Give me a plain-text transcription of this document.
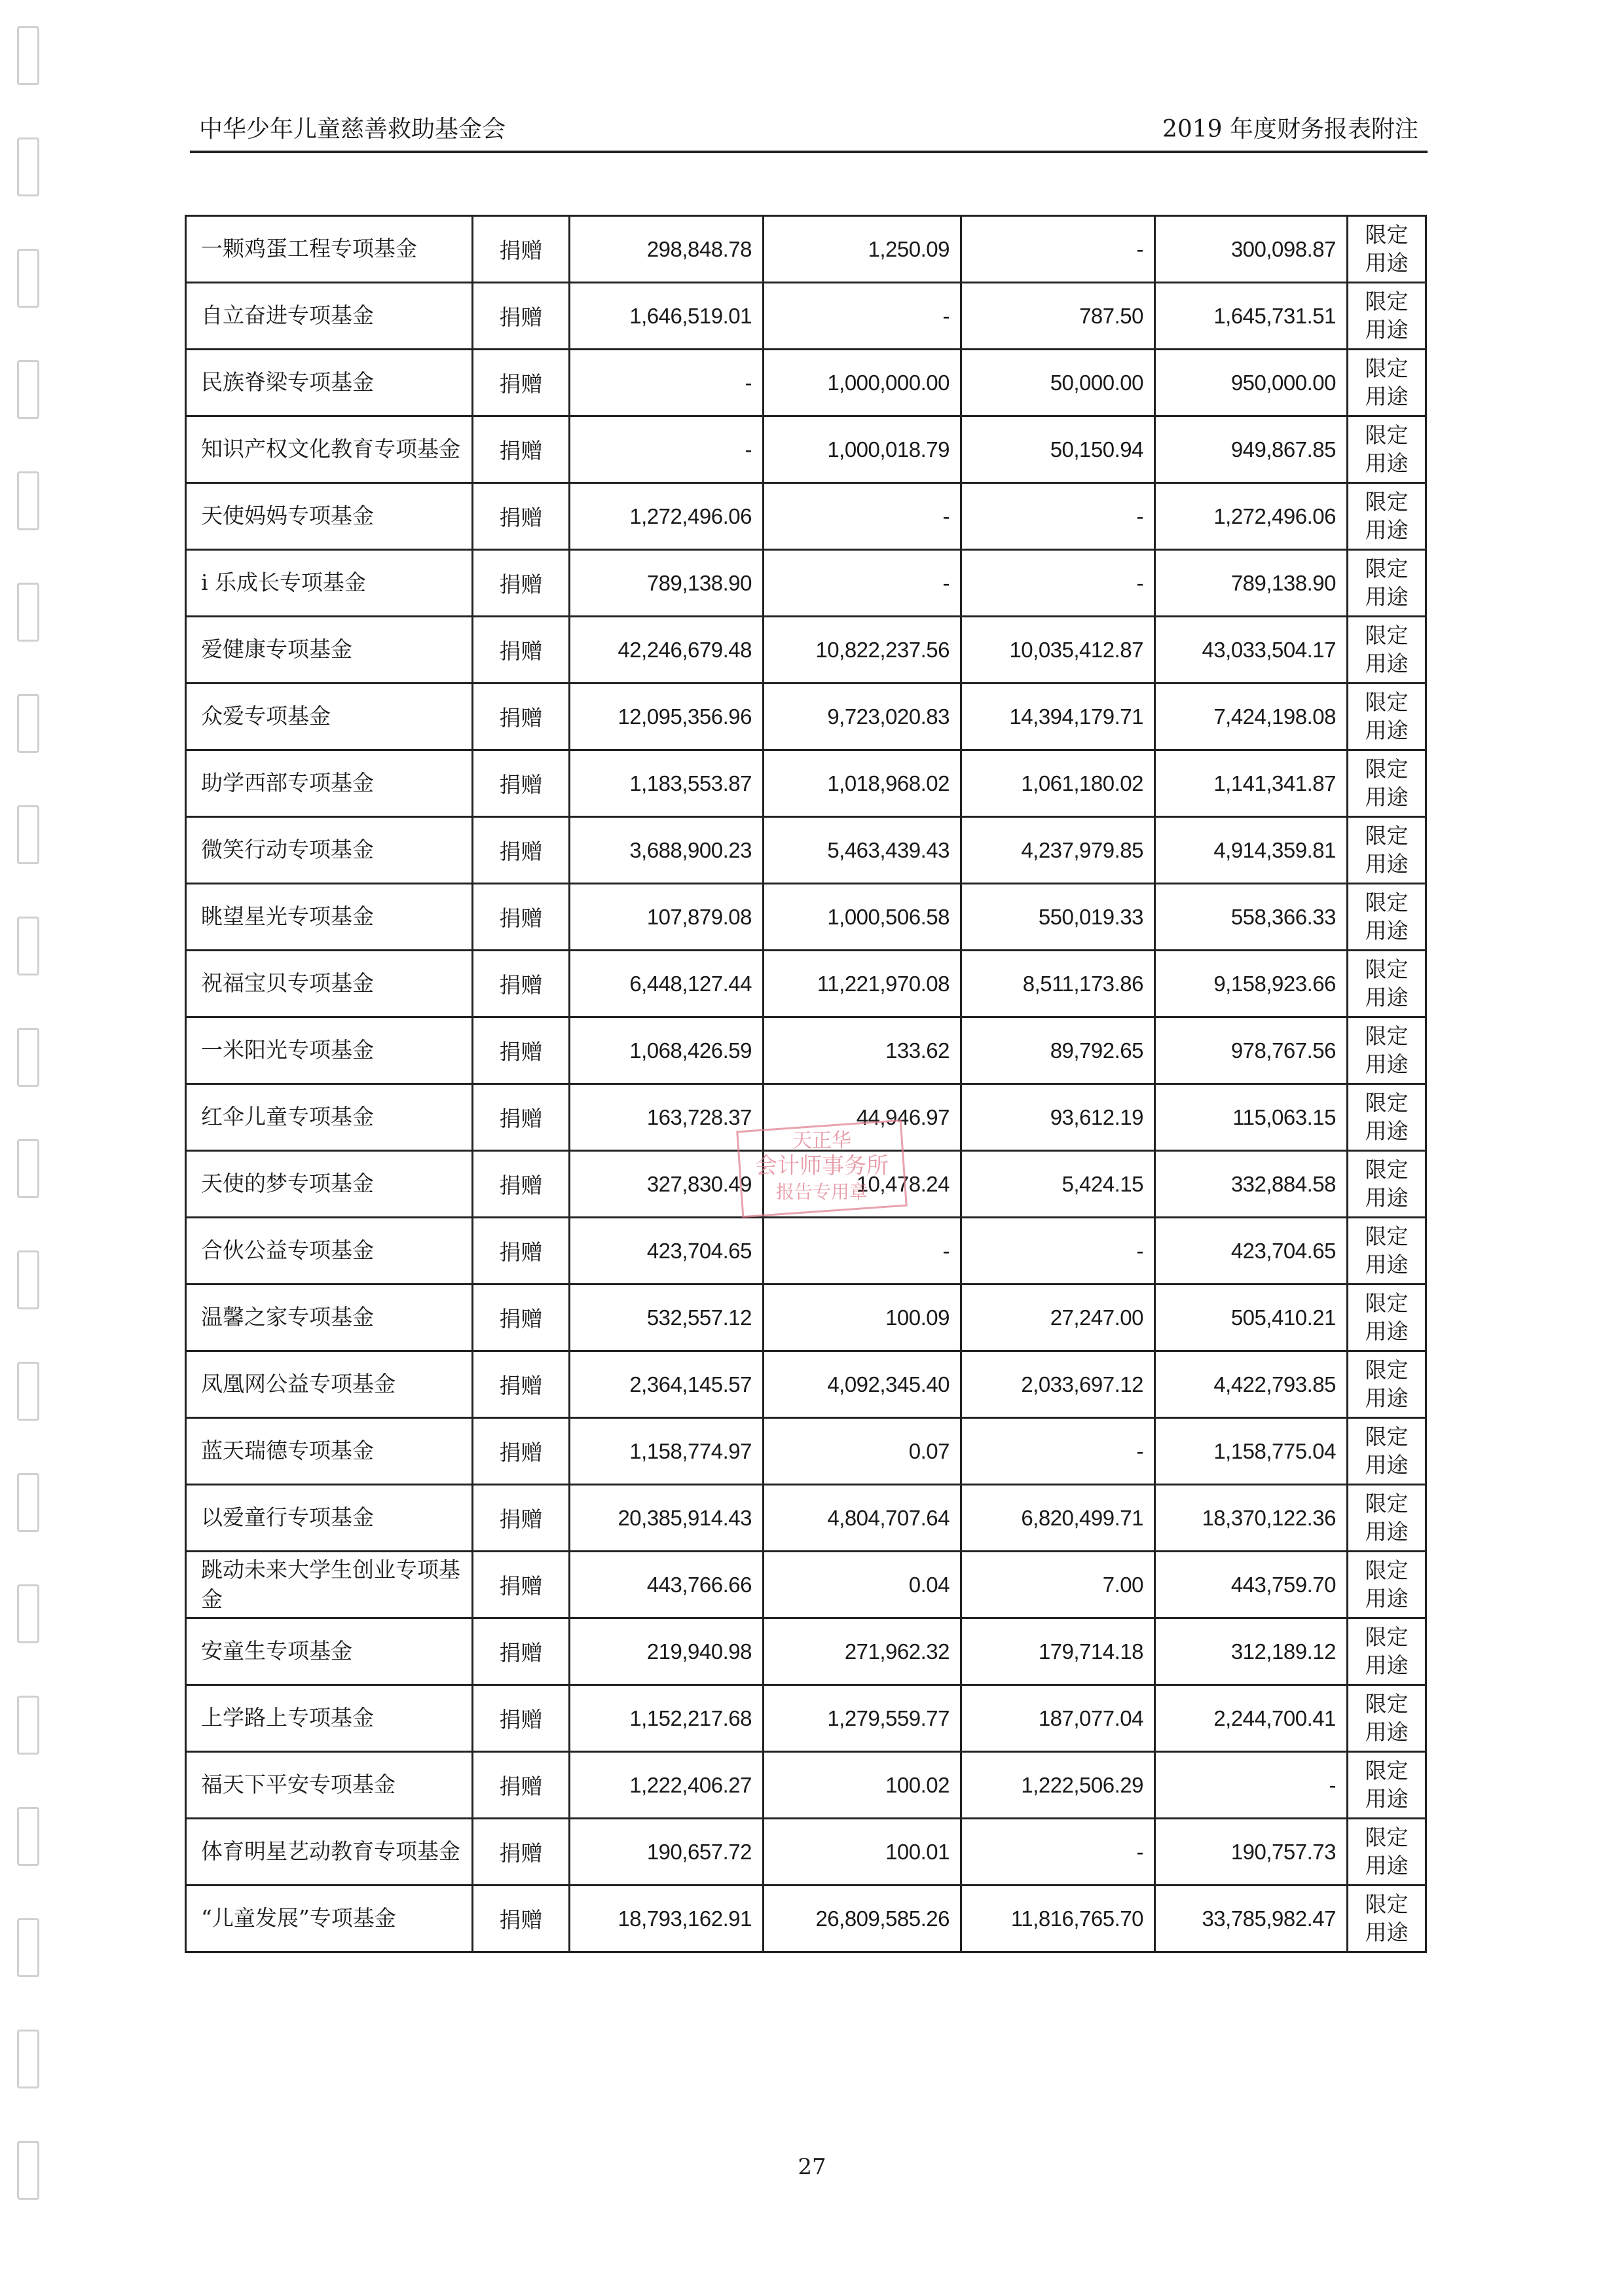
中华少年儿童慈善救助基金会	2019 年度财务报表附注
一颗鸡蛋工程专项基金	捐赠	298,848.78	1,250.09	-	300,098.87	限定
用途

自立奋进专项基金	捐赠	1,646,519.01	-	787.50	1,645,731.51	限定
用途

民族脊梁专项基金	捐赠	-	1,000,000.00	50,000.00	950,000.00	限定
用途

知识产权文化教育专项基金	捐赠	-	1,000,018.79	50,150.94	949,867.85	限定
用途

天使妈妈专项基金	捐赠	1,272,496.06	-	-	1,272,496.06	限定
用途

i 乐成长专项基金	捐赠	789,138.90	-	-	789,138.90	限定
用途

爱健康专项基金	捐赠	42,246,679.48	10,822,237.56	10,035,412.87	43,033,504.17	限定
用途

众爱专项基金	捐赠	12,095,356.96	9,723,020.83	14,394,179.71	7,424,198.08	限定
用途

助学西部专项基金	捐赠	1,183,553.87	1,018,968.02	1,061,180.02	1,141,341.87	限定
用途

微笑行动专项基金	捐赠	3,688,900.23	5,463,439.43	4,237,979.85	4,914,359.81	限定
用途

眺望星光专项基金	捐赠	107,879.08	1,000,506.58	550,019.33	558,366.33	限定
用途

祝福宝贝专项基金	捐赠	6,448,127.44	11,221,970.08	8,511,173.86	9,158,923.66	限定
用途

一米阳光专项基金	捐赠	1,068,426.59	133.62	89,792.65	978,767.56	限定
用途

红伞儿童专项基金	捐赠	163,728.37	44,946.97	93,612.19	115,063.15	限定
用途

天使的梦专项基金	捐赠	327,830.49	10,478.24	5,424.15	332,884.58	限定
用途

合伙公益专项基金	捐赠	423,704.65	-	-	423,704.65	限定
用途

温馨之家专项基金	捐赠	532,557.12	100.09	27,247.00	505,410.21	限定
用途

凤凰网公益专项基金	捐赠	2,364,145.57	4,092,345.40	2,033,697.12	4,422,793.85	限定
用途

蓝天瑞德专项基金	捐赠	1,158,774.97	0.07	-	1,158,775.04	限定
用途

以爱童行专项基金	捐赠	20,385,914.43	4,804,707.64	6,820,499.71	18,370,122.36	限定
用途

跳动未来大学生创业专项基金	捐赠	443,766.66	0.04	7.00	443,759.70	限定
用途

安童生专项基金	捐赠	219,940.98	271,962.32	179,714.18	312,189.12	限定
用途

上学路上专项基金	捐赠	1,152,217.68	1,279,559.77	187,077.04	2,244,700.41	限定
用途

福天下平安专项基金	捐赠	1,222,406.27	100.02	1,222,506.29	-	限定
用途

体育明星艺动教育专项基金	捐赠	190,657.72	100.01	-	190,757.73	限定
用途

“儿童发展”专项基金	捐赠	18,793,162.91	26,809,585.26	11,816,765.70	33,785,982.47	限定
用途
天正华
会计师事务所
报告专用章
27
